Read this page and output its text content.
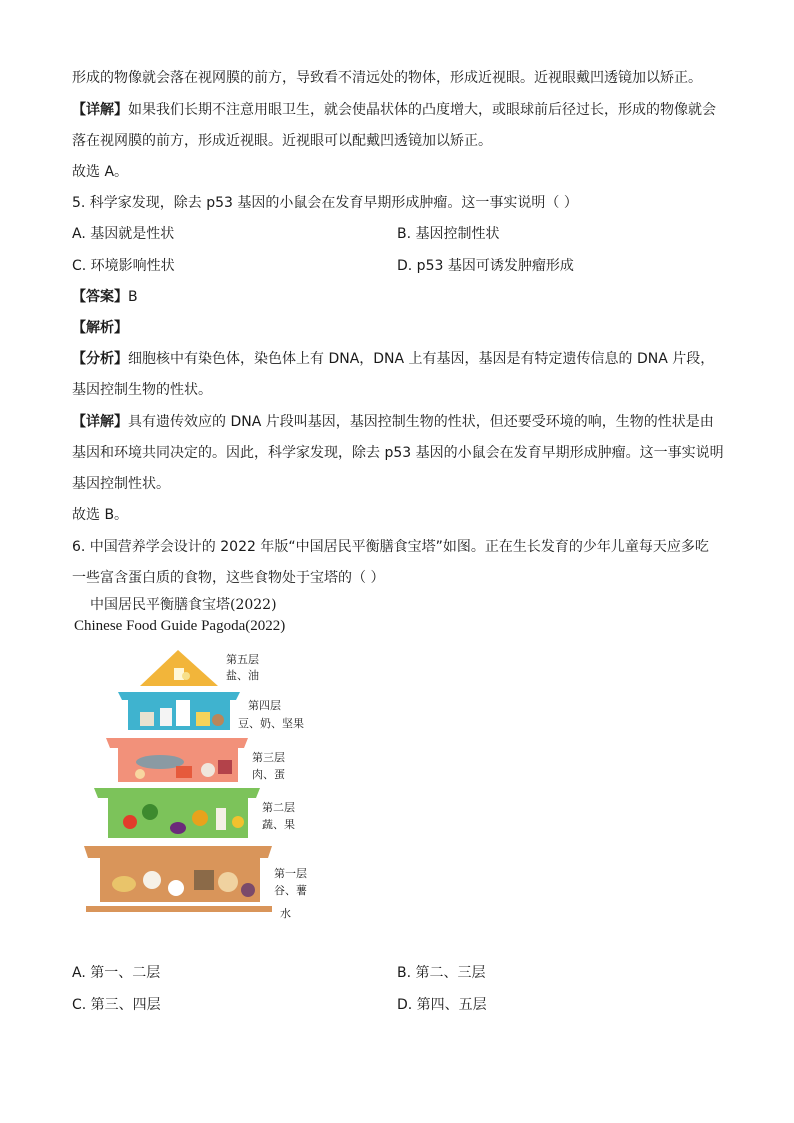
形成的物像就会落在视网膜的前方，导致看不清远处的物体，形成近视眼。近视眼戴凹透镜加以矫正。
【详解】如果我们长期不注意用眼卫生，就会使晶状体的凸度增大，或眼球前后径过长，形成的物像就会
落在视网膜的前方，形成近视眼。近视眼可以配戴凹透镜加以矫正。
故选 A。
5. 科学家发现，除去 p53 基因的小鼠会在发育早期形成肿瘤。这一事实说明（ ）
A. 基因就是性状	B. 基因控制性状
C. 环境影响性状	D. p53 基因可诱发肿瘤形成
【答案】B
【解析】
【分析】细胞核中有染色体，染色体上有 DNA，DNA 上有基因，基因是有特定遗传信息的 DNA 片段，
基因控制生物的性状。
【详解】具有遗传效应的 DNA 片段叫基因，基因控制生物的性状，但还要受环境的响，生物的性状是由
基因和环境共同决定的。因此，科学家发现，除去 p53 基因的小鼠会在发育早期形成肿瘤。这一事实说明
基因控制性状。
故选 B。
6. 中国营养学会设计的 2022 年版“中国居民平衡膳食宝塔”如图。正在生长发育的少年儿童每天应多吃
一些富含蛋白质的食物，这些食物处于宝塔的（ ）
中国居民平衡膳食宝塔(2022)
Chinese Food Guide Pagoda(2022)
第五层
盐、油
第四层
豆、奶、坚果
第三层
肉、蛋
第二层
蔬、果
第一层
谷、薯
水
A. 第一、二层	B. 第二、三层
C. 第三、四层	D. 第四、五层
